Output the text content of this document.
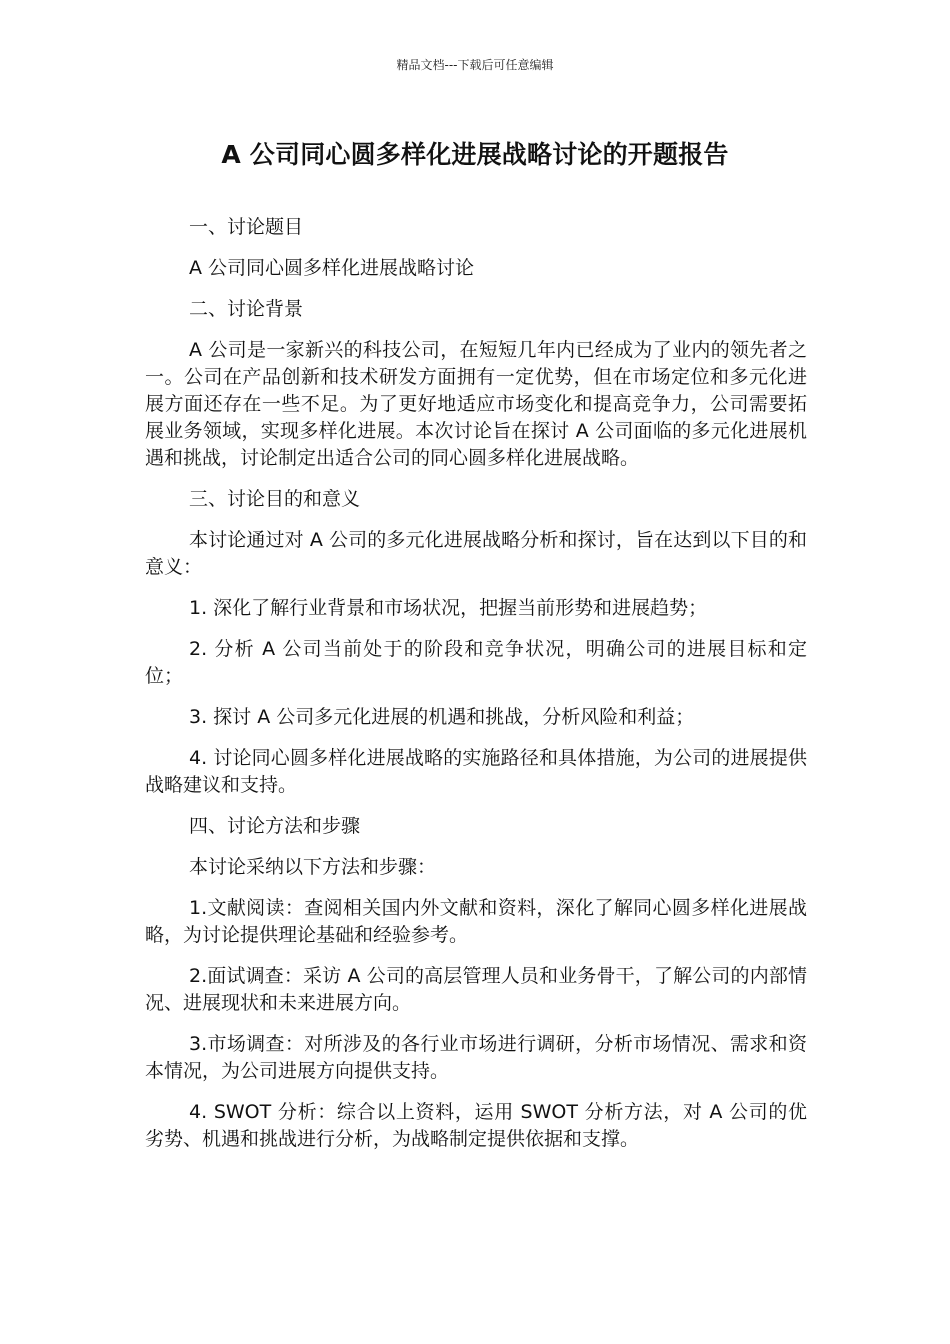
精品文档---下载后可任意编辑
A 公司同心圆多样化进展战略讨论的开题报告

一、讨论题目

A 公司同心圆多样化进展战略讨论

二、讨论背景

A 公司是一家新兴的科技公司，在短短几年内已经成为了业内的领先者之一。公司在产品创新和技术研发方面拥有一定优势，但在市场定位和多元化进展方面还存在一些不足。为了更好地适应市场变化和提高竞争力，公司需要拓展业务领域，实现多样化进展。本次讨论旨在探讨 A 公司面临的多元化进展机遇和挑战，讨论制定出适合公司的同心圆多样化进展战略。

三、讨论目的和意义

本讨论通过对 A 公司的多元化进展战略分析和探讨，旨在达到以下目的和意义：

1. 深化了解行业背景和市场状况，把握当前形势和进展趋势；

2. 分析 A 公司当前处于的阶段和竞争状况，明确公司的进展目标和定位；

3. 探讨 A 公司多元化进展的机遇和挑战，分析风险和利益；

4. 讨论同心圆多样化进展战略的实施路径和具体措施，为公司的进展提供战略建议和支持。

四、讨论方法和步骤

本讨论采纳以下方法和步骤：

1.文献阅读：查阅相关国内外文献和资料，深化了解同心圆多样化进展战略，为讨论提供理论基础和经验参考。

2.面试调查：采访 A 公司的高层管理人员和业务骨干，了解公司的内部情况、进展现状和未来进展方向。

3.市场调查：对所涉及的各行业市场进行调研，分析市场情况、需求和资本情况，为公司进展方向提供支持。

4. SWOT 分析：综合以上资料，运用 SWOT 分析方法，对 A 公司的优劣势、机遇和挑战进行分析，为战略制定提供依据和支撑。
